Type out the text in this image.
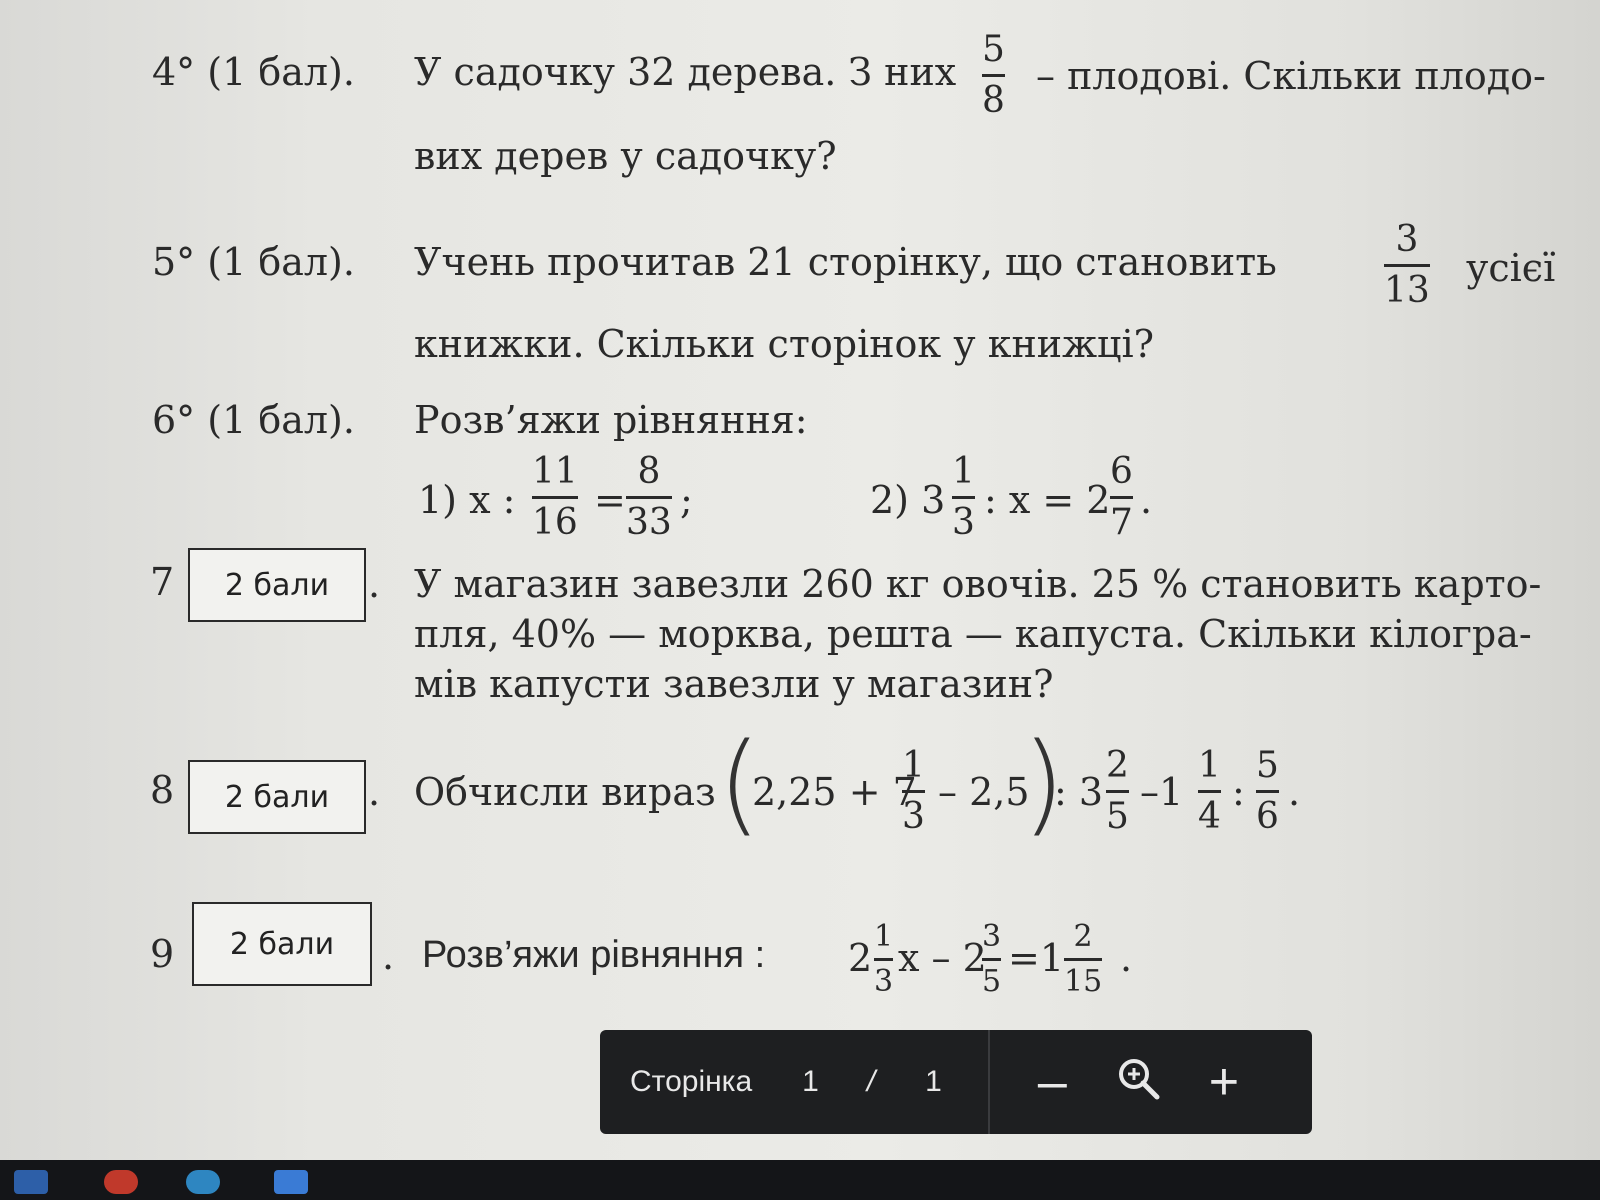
4° (1 бал). У садочку 32 дерева. З них
5
8
– плодові. Скільки плодо-
вих дерев у садочку?
5° (1 бал). Учень прочитав 21 сторінку, що становить
3
13
усієї
книжки. Скільки сторінок у книжці?
6° (1 бал). Розв’яжи рівняння:
1) x :
11
16
=
8
33
;	2) 3
1
3
: x = 2
6
7
.
7	2 бали	. У магазин завезли 260 кг овочів. 25 % становить карто-
пля, 40% — морква, решта — капуста. Скільки кілогра-
мів капусти завезли у магазин?
8	2 бали	. Обчисли вираз (
2,25 + 7
1
3
– 2,5
)
: 3
2
5
–1
1
4
:
5
6
.
9	2 бали	. Розв’яжи рівняння : 2 1
3
x – 2
3
5
=1 2
15
.
Сторінка 1 / 1 –	+
